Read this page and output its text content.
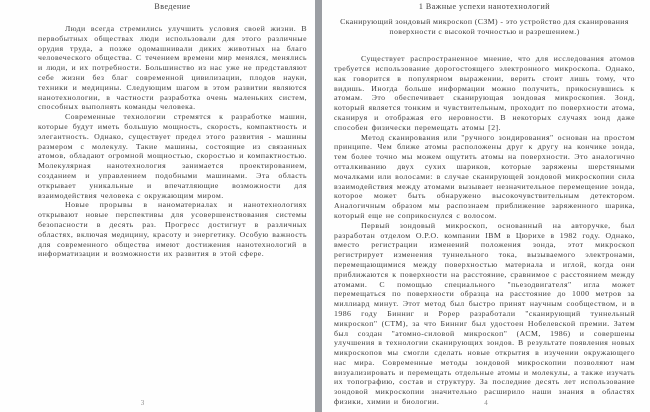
Введение

Люди всегда стремились улучшить условия своей жизни. В первобытных обществах люди использовали для этого различные орудия труда, а позже одомашнивали диких животных на благо человеческого общества. С течением времени мир менялся, менялись и люди, и их потребности. Большинство из нас уже не представляют себе жизни без благ современной цивилизации, плодов науки, техники и медицины. Следующим шагом в этом развитии являются нанотехнологии, в частности разработка очень маленьких систем, способных выполнять команды человека.

Современные технологии стремятся к разработке машин, которые будут иметь большую мощность, скорость, компактность и элегантность. Однако, существует предел этого развития - машины размером с молекулу. Такие машины, состоящие из связанных атомов, обладают огромной мощностью, скоростью и компактностью. Молекулярная нанотехнология занимается проектированием, созданием и управлением подобными машинами. Эта область открывает уникальные и впечатляющие возможности для взаимодействия человека с окружающим миром.

Новые прорывы в наноматериалах и нанотехнологиях открывают новые перспективы для усовершенствования системы безопасности в десять раз. Прогресс достигнут в различных областях, включая медицину, красоту и энергетику. Особую важность для современного общества имеют достижения нанотехнологий в информатизации и возможности их развития в этой сфере.

3
1 Важные успехи нанотехнологий

Сканирующий зондовый микроскоп (СЗМ) - это устройство для сканирования поверхности с высокой точностью и разрешением.)

Существует распространенное мнение, что для исследования атомов требуется использование дорогостоящего электронного микроскопа. Однако, как говорится в популярном выражении, верить стоит лишь тому, что видишь. Иногда больше информации можно получить, прикоснувшись к атомам. Это обеспечивает сканирующая зондовая микроскопия. Зонд, который является тонким и чувствительным, проходит по поверхности атома, сканируя и отображая его неровности. В некоторых случаях зонд даже способен физически перемещать атомы [2].

Метод сканирования или "ручного зондирования" основан на простом принципе. Чем ближе атомы расположены друг к другу на кончике зонда, тем более точно мы можем ощутить атомы на поверхности. Это аналогично отталкиванию двух сухих шариков, которые заряжены шерстяными мочалками или волосами: в случае сканирующей зондовой микроскопии сила взаимодействия между атомами вызывает незначительное перемещение зонда, которое может быть обнаружено высокочувствительным детектором. Аналогичным образом мы распознаем приближение заряженного шарика, который еще не соприкоснулся с волосом.

Первый зондовый микроскоп, основанный на авторучке, был разработан отделом О.Р.О. компании IBM в Цюрихе в 1982 году. Однако, вместо регистрации изменений положения зонда, этот микроскоп регистрирует изменения туннельного тока, вызываемого электронами, перемещающимися между поверхностью материала и иглой, когда они приближаются к поверхности на расстояние, сравнимое с расстоянием между атомами. С помощью специального "пьезодвигателя" игла может перемещаться по поверхности образца на расстояние до 1000 метров за миллиард минут. Этот метод был быстро принят научным сообществом, и в 1986 году Бинниг и Рорер разработали "сканирующий туннельный микроскоп" (СТМ), за что Бинниг был удостоен Нобелевской премии. Затем был создан "атомно-силовой микроскоп" (АСМ, 1986) и совершены улучшения в технологии сканирующих зондов. В результате появления новых микроскопов мы смогли сделать новые открытия в изучении окружающего нас мира. Современные методы зондовой микроскопии позволяют нам визуализировать и перемещать отдельные атомы и молекулы, а также изучать их топографию, состав и структуру. За последние десять лет использование зондовой микроскопии значительно расширило наши знания в областях физики, химии и биологии.	4
